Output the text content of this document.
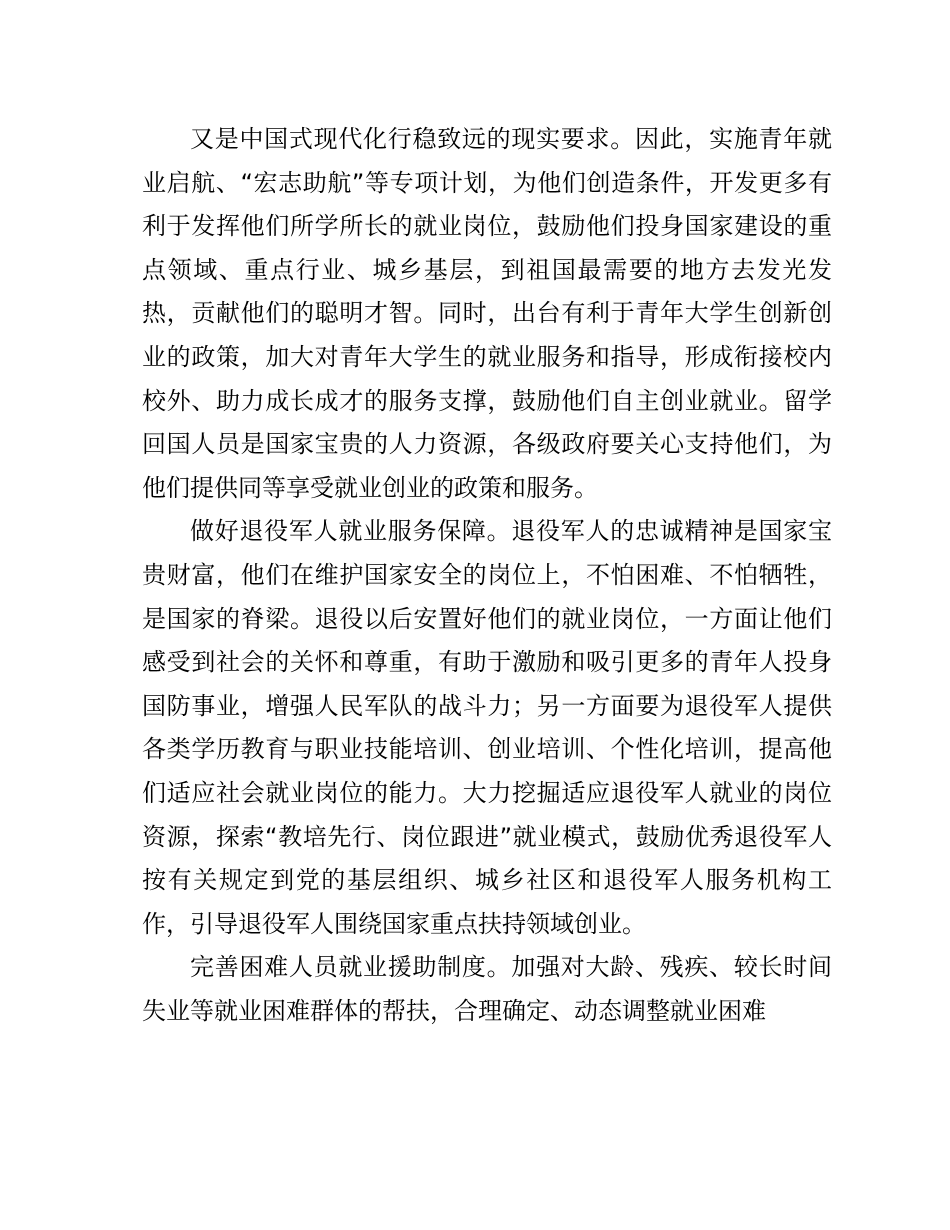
又是中国式现代化行稳致远的现实要求。因此，实施青年就业启航、“宏志助航”等专项计划，为他们创造条件，开发更多有利于发挥他们所学所长的就业岗位，鼓励他们投身国家建设的重点领域、重点行业、城乡基层，到祖国最需要的地方去发光发热，贡献他们的聪明才智。同时，出台有利于青年大学生创新创业的政策，加大对青年大学生的就业服务和指导，形成衔接校内校外、助力成长成才的服务支撑，鼓励他们自主创业就业。留学回国人员是国家宝贵的人力资源，各级政府要关心支持他们，为他们提供同等享受就业创业的政策和服务。

做好退役军人就业服务保障。退役军人的忠诚精神是国家宝贵财富，他们在维护国家安全的岗位上，不怕困难、不怕牺牲，是国家的脊梁。退役以后安置好他们的就业岗位，一方面让他们感受到社会的关怀和尊重，有助于激励和吸引更多的青年人投身国防事业，增强人民军队的战斗力；另一方面要为退役军人提供各类学历教育与职业技能培训、创业培训、个性化培训，提高他们适应社会就业岗位的能力。大力挖掘适应退役军人就业的岗位资源，探索“教培先行、岗位跟进”就业模式，鼓励优秀退役军人按有关规定到党的基层组织、城乡社区和退役军人服务机构工作，引导退役军人围绕国家重点扶持领域创业。

完善困难人员就业援助制度。加强对大龄、残疾、较长时间失业等就业困难群体的帮扶，合理确定、动态调整就业困难
